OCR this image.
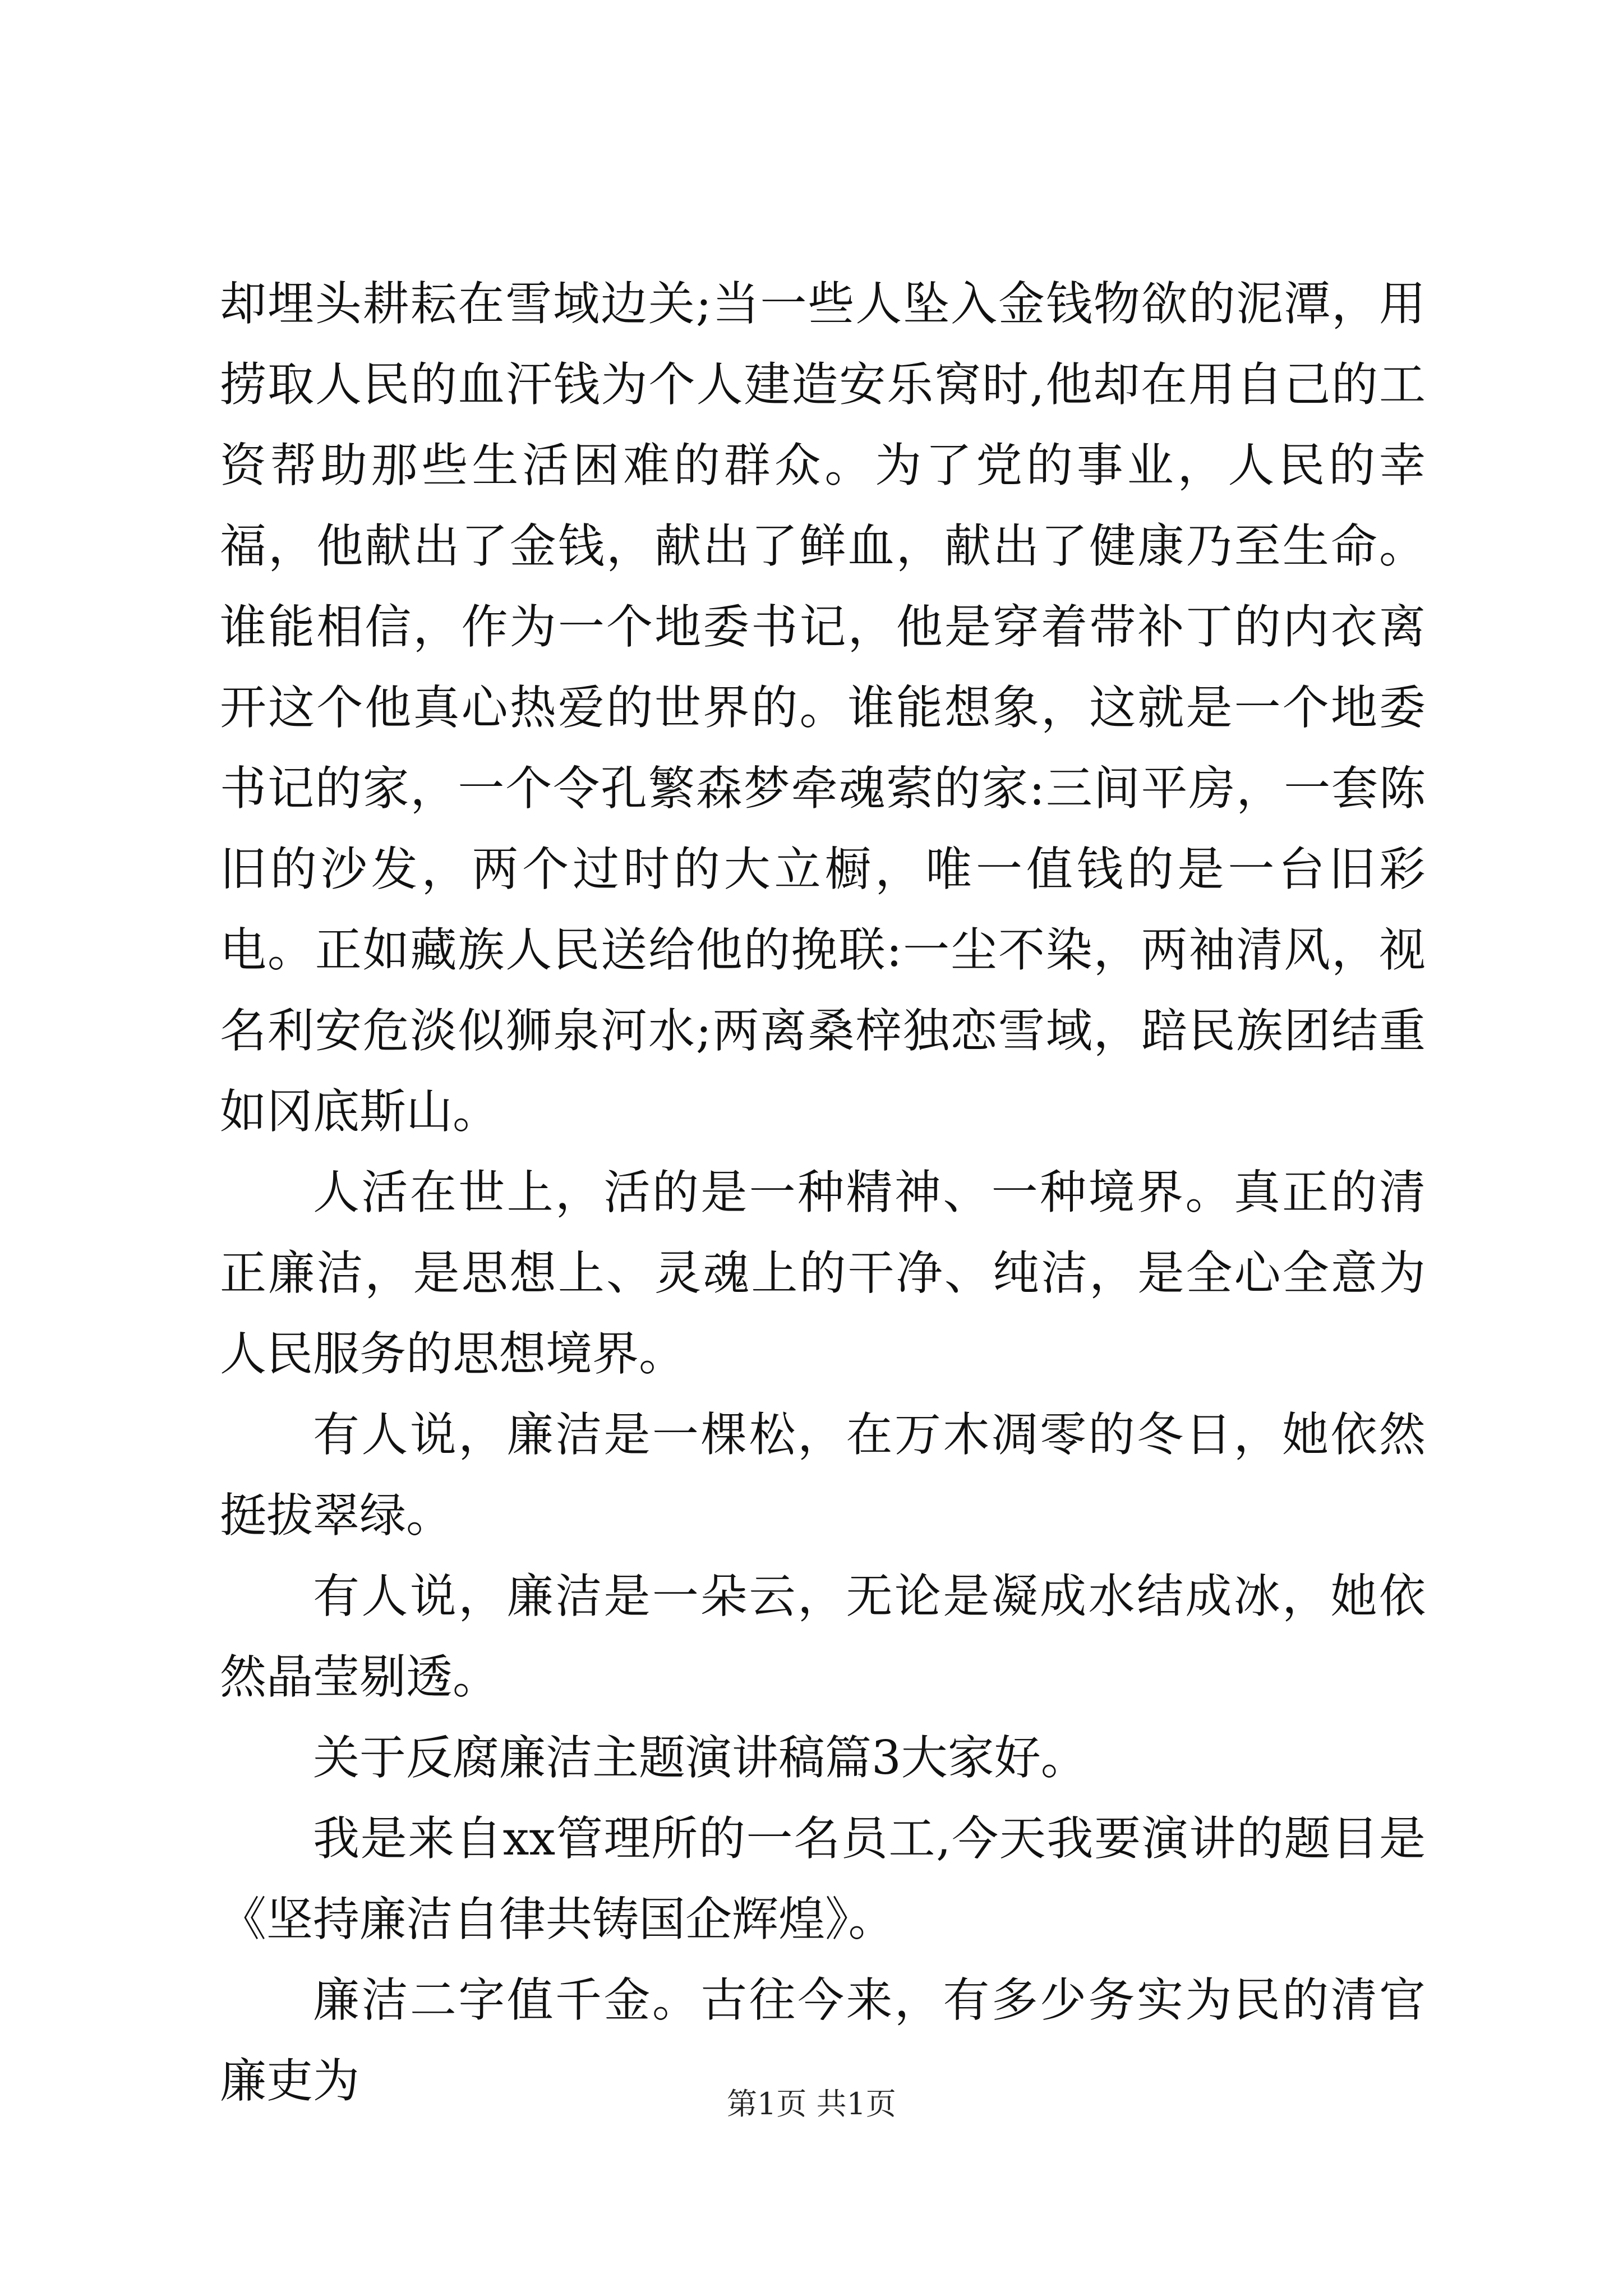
却埋头耕耘在雪域边关;当一些人坠入金钱物欲的泥潭，用捞取人民的血汗钱为个人建造安乐窝时,他却在用自己的工资帮助那些生活困难的群众。为了党的事业，人民的幸福，他献出了金钱，献出了鲜血，献出了健康乃至生命。谁能相信，作为一个地委书记，他是穿着带补丁的内衣离开这个他真心热爱的世界的。谁能想象，这就是一个地委书记的家，一个令孔繁森梦牵魂萦的家:三间平房，一套陈旧的沙发，两个过时的大立橱，唯一值钱的是一台旧彩电。正如藏族人民送给他的挽联:一尘不染，两袖清风，视名利安危淡似狮泉河水;两离桑梓独恋雪域，踣民族团结重如冈底斯山。

人活在世上，活的是一种精神、一种境界。真正的清正廉洁，是思想上、灵魂上的干净、纯洁，是全心全意为人民服务的思想境界。

有人说，廉洁是一棵松，在万木凋零的冬日，她依然挺拔翠绿。

有人说，廉洁是一朵云，无论是凝成水结成冰，她依然晶莹剔透。

关于反腐廉洁主题演讲稿篇3大家好。

我是来自xx管理所的一名员工,今天我要演讲的题目是《坚持廉洁自律共铸国企辉煌》。

廉洁二字值千金。古往今来，有多少务实为民的清官廉吏为	第1页 共1页
